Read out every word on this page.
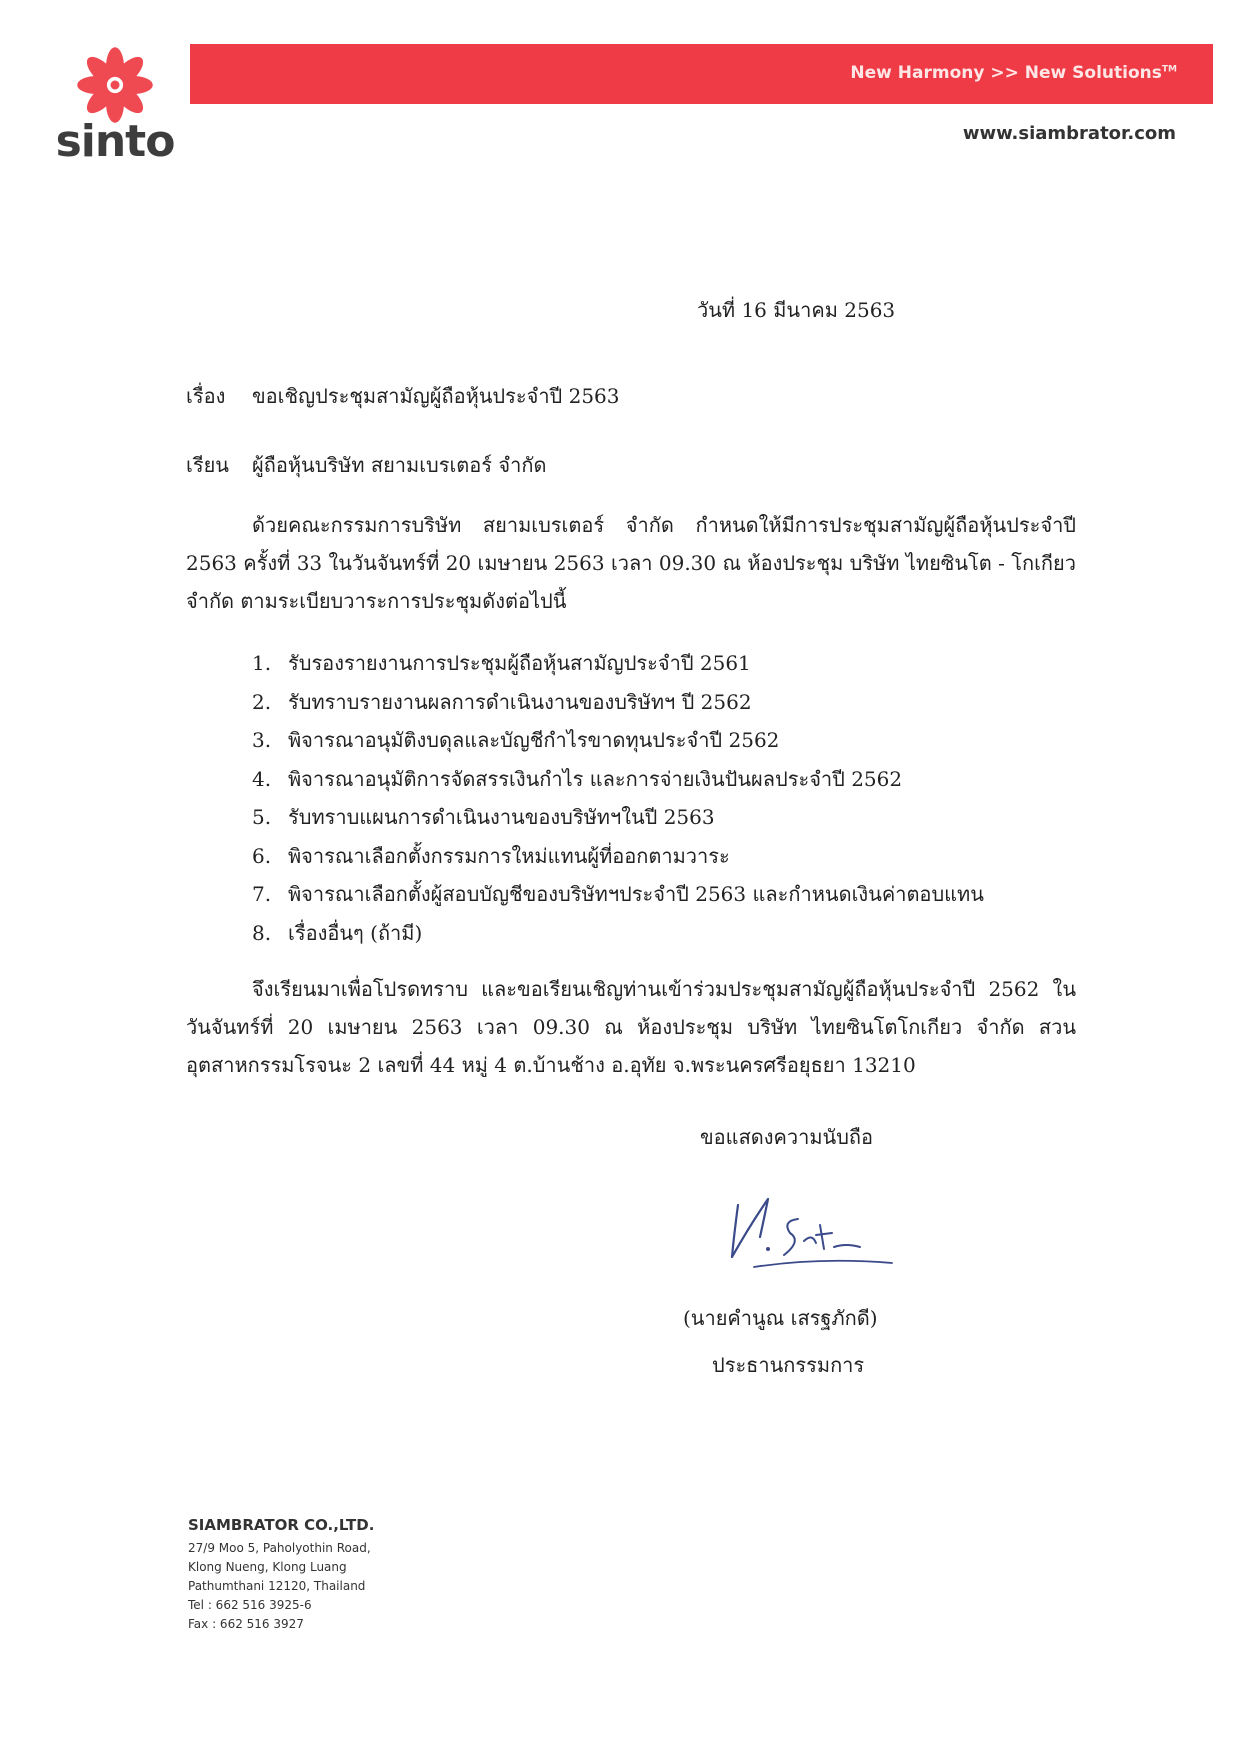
sinto
New Harmony >> New Solutions™
www.siambrator.com
วันที่ 16 มีนาคม 2563
เรื่อง ขอเชิญประชุมสามัญผู้ถือหุ้นประจำปี 2563
เรียน ผู้ถือหุ้นบริษัท สยามเบรเตอร์ จำกัด

ด้วยคณะกรรมการบริษัท สยามเบรเตอร์ จำกัด กำหนดให้มีการประชุมสามัญผู้ถือหุ้นประจำปี 2563 ครั้งที่ 33 ในวันจันทร์ที่ 20 เมษายน 2563 เวลา 09.30 ณ ห้องประชุม บริษัท ไทยซินโต - โกเกียว จำกัด ตามระเบียบวาระการประชุมดังต่อไปนี้

1. รับรองรายงานการประชุมผู้ถือหุ้นสามัญประจำปี 2561
2. รับทราบรายงานผลการดำเนินงานของบริษัทฯ ปี 2562
3. พิจารณาอนุมัติงบดุลและบัญชีกำไรขาดทุนประจำปี 2562
4. พิจารณาอนุมัติการจัดสรรเงินกำไร และการจ่ายเงินปันผลประจำปี 2562
5. รับทราบแผนการดำเนินงานของบริษัทฯในปี 2563
6. พิจารณาเลือกตั้งกรรมการใหม่แทนผู้ที่ออกตามวาระ
7. พิจารณาเลือกตั้งผู้สอบบัญชีของบริษัทฯประจำปี 2563 และกำหนดเงินค่าตอบแทน
8. เรื่องอื่นๆ (ถ้ามี)

จึงเรียนมาเพื่อโปรดทราบ และขอเรียนเชิญท่านเข้าร่วมประชุมสามัญผู้ถือหุ้นประจำปี 2562 ในวันจันทร์ที่ 20 เมษายน 2563 เวลา 09.30 ณ ห้องประชุม บริษัท ไทยซินโตโกเกียว จำกัด สวนอุตสาหกรรมโรจนะ 2 เลขที่ 44 หมู่ 4 ต.บ้านช้าง อ.อุทัย จ.พระนครศรีอยุธยา 13210

ขอแสดงความนับถือ
(นายคำนูณ เสรฐภักดี)
ประธานกรรมการ
SIAMBRATOR CO.,LTD.
27/9 Moo 5, Paholyothin Road,
Klong Nueng, Klong Luang
Pathumthani 12120, Thailand
Tel : 662 516 3925-6
Fax : 662 516 3927
